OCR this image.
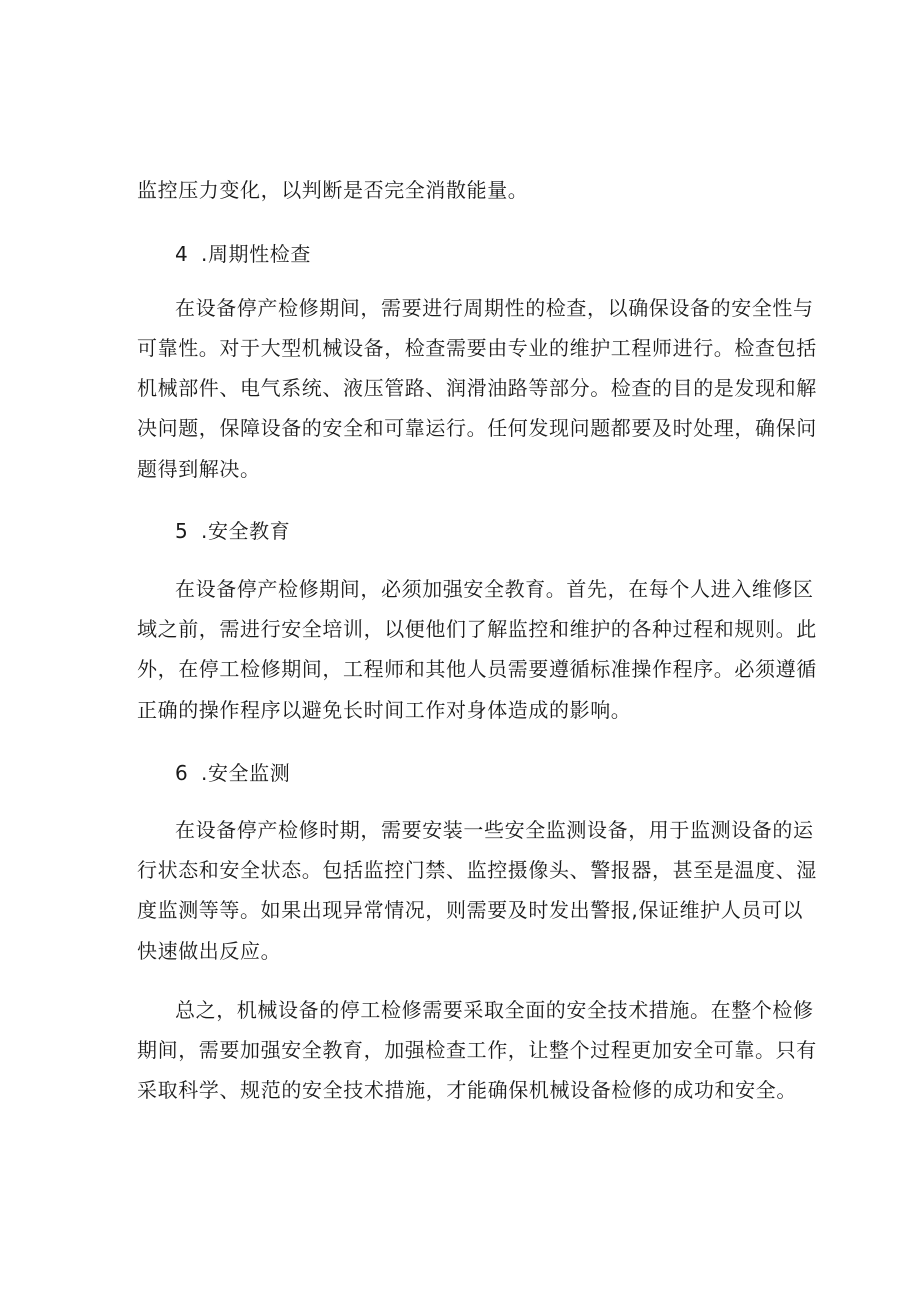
监控压力变化，以判断是否完全消散能量。
4 .周期性检查
在设备停产检修期间，需要进行周期性的检查，以确保设备的安全性与
可靠性。对于大型机械设备，检查需要由专业的维护工程师进行。检查包括
机械部件、电气系统、液压管路、润滑油路等部分。检查的目的是发现和解
决问题，保障设备的安全和可靠运行。任何发现问题都要及时处理，确保问
题得到解决。
5 .安全教育
在设备停产检修期间，必须加强安全教育。首先，在每个人进入维修区
域之前，需进行安全培训，以便他们了解监控和维护的各种过程和规则。此
外，在停工检修期间，工程师和其他人员需要遵循标准操作程序。必须遵循
正确的操作程序以避免长时间工作对身体造成的影响。
6 .安全监测
在设备停产检修时期，需要安装一些安全监测设备，用于监测设备的运
行状态和安全状态。包括监控门禁、监控摄像头、警报器，甚至是温度、湿
度监测等等。如果出现异常情况，则需要及时发出警报,保证维护人员可以
快速做出反应。
总之，机械设备的停工检修需要采取全面的安全技术措施。在整个检修
期间，需要加强安全教育，加强检查工作，让整个过程更加安全可靠。只有
采取科学、规范的安全技术措施，才能确保机械设备检修的成功和安全。
